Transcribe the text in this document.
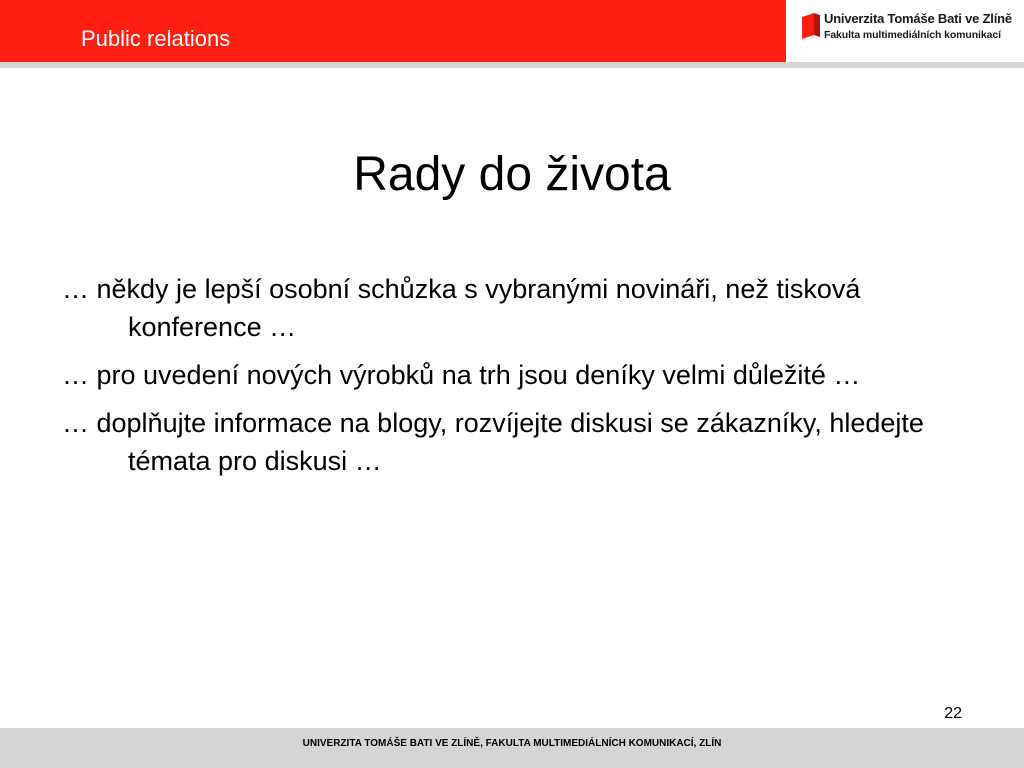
Public relations
Univerzita Tomáše Bati ve Zlíně
Fakulta multimediálních komunikací
Rady do života
… někdy je lepší osobní schůzka s vybranými novináři, než tisková konference …
… pro uvedení nových výrobků na trh jsou deníky velmi důležité …
… doplňujte informace na blogy, rozvíjejte diskusi se zákazníky, hledejte témata pro diskusi …
22
UNIVERZITA TOMÁŠE BATI VE ZLÍNĚ, FAKULTA MULTIMEDIÁLNÍCH KOMUNIKACÍ, ZLÍN
